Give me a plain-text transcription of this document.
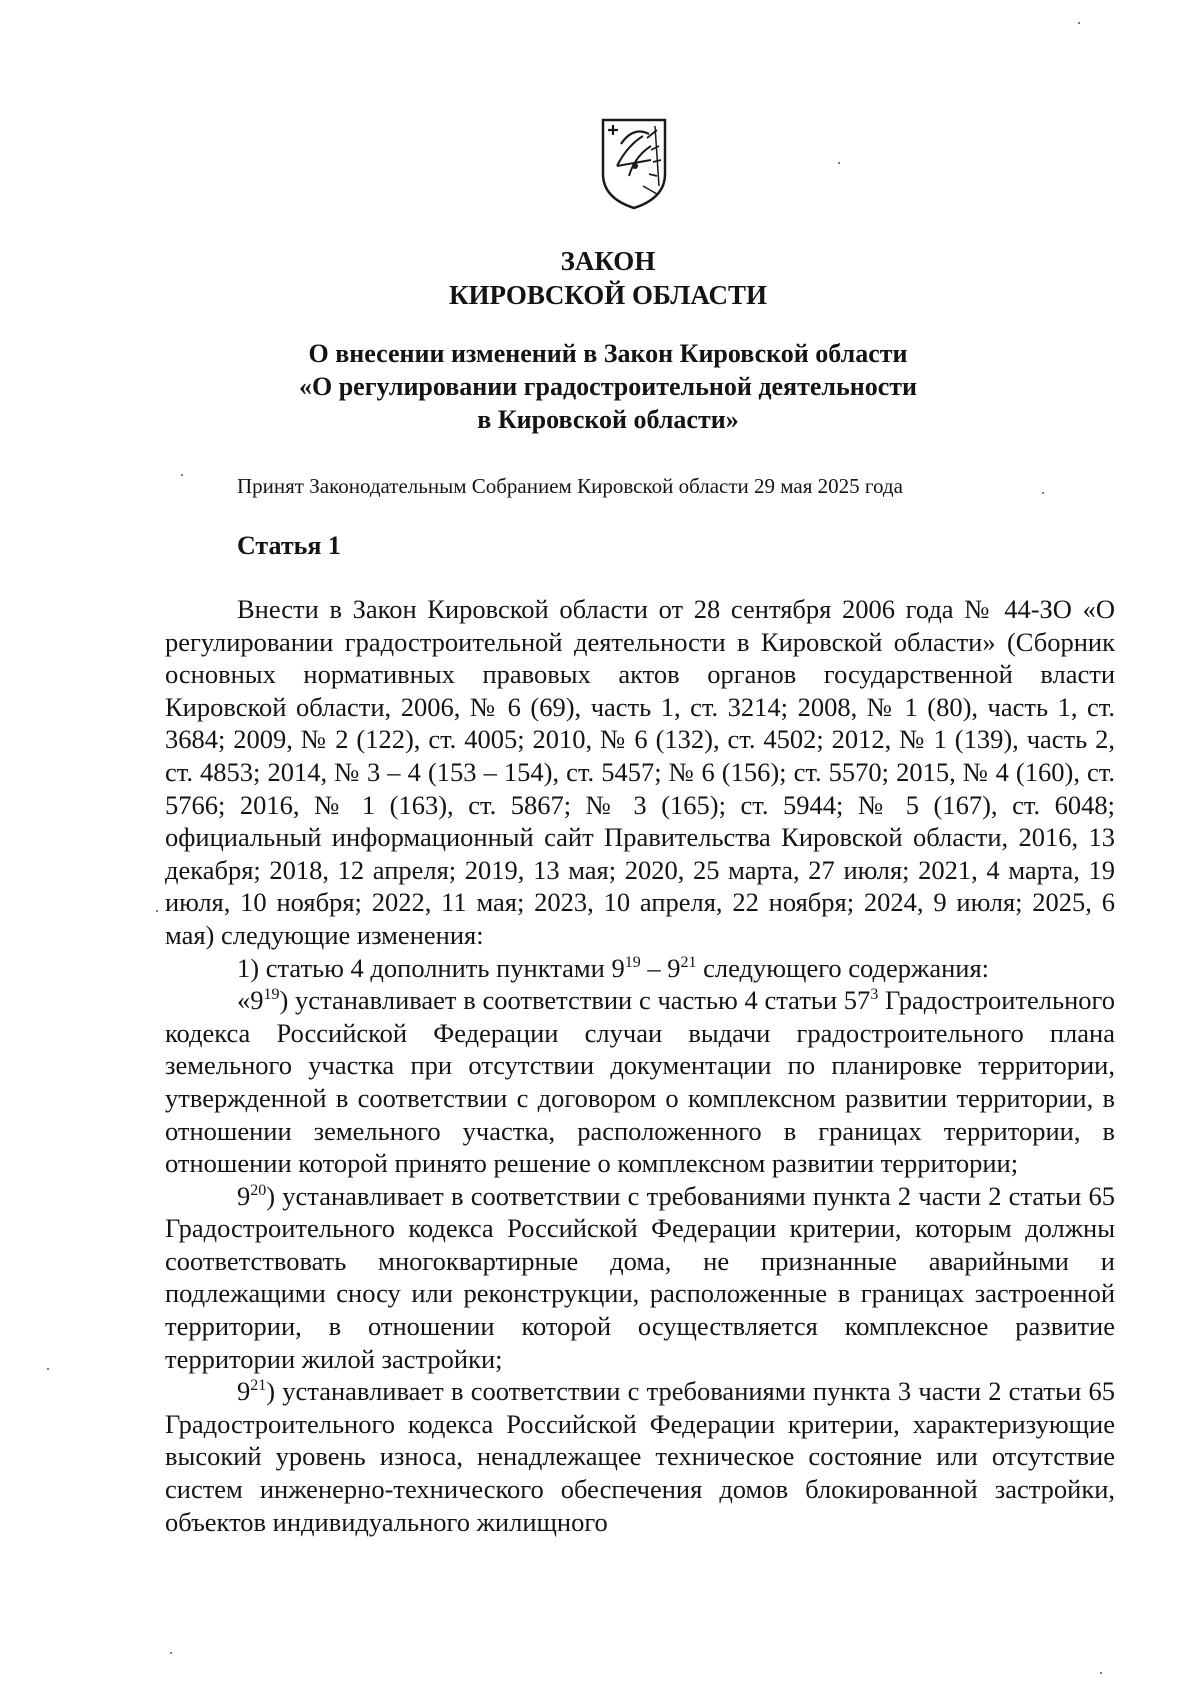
ЗАКОН
КИРОВСКОЙ ОБЛАСТИ
О внесении изменений в Закон Кировской области
«О регулировании градостроительной деятельности
в Кировской области»
Принят Законодательным Собранием Кировской области 29 мая 2025 года
Статья 1

Внести в Закон Кировской области от 28 сентября 2006 года № 44-ЗО «О регулировании градостроительной деятельности в Кировской области» (Сборник основных нормативных правовых актов органов государственной власти Кировской области, 2006, № 6 (69), часть 1, ст. 3214; 2008, № 1 (80), часть 1, ст. 3684; 2009, № 2 (122), ст. 4005; 2010, № 6 (132), ст. 4502; 2012, № 1 (139), часть 2, ст. 4853; 2014, № 3 – 4 (153 – 154), ст. 5457; № 6 (156); ст. 5570; 2015, № 4 (160), ст. 5766; 2016, № 1 (163), ст. 5867; № 3 (165); ст. 5944; № 5 (167), ст. 6048; официальный информационный сайт Правительства Кировской области, 2016, 13 декабря; 2018, 12 апреля; 2019, 13 мая; 2020, 25 марта, 27 июля; 2021, 4 марта, 19 июля, 10 ноября; 2022, 11 мая; 2023, 10 апреля, 22 ноября; 2024, 9 июля; 2025, 6 мая) следующие изменения:

1) статью 4 дополнить пунктами $9^{19} - 9^{21}$ следующего содержания:

«$9^{19}$) устанавливает в соответствии с частью 4 статьи $57^3$ Градостроительного кодекса Российской Федерации случаи выдачи градостроительного плана земельного участка при отсутствии документации по планировке территории, утвержденной в соответствии с договором о комплексном развитии территории, в отношении земельного участка, расположенного в границах территории, в отношении которой принято решение о комплексном развитии территории;

$9^{20}$) устанавливает в соответствии с требованиями пункта 2 части 2 статьи 65 Градостроительного кодекса Российской Федерации критерии, которым должны соответствовать многоквартирные дома, не признанные аварийными и подлежащими сносу или реконструкции, расположенные в границах застроенной территории, в отношении которой осуществляется комплексное развитие территории жилой застройки;

$9^{21}$) устанавливает в соответствии с требованиями пункта 3 части 2 статьи 65 Градостроительного кодекса Российской Федерации критерии, характеризующие высокий уровень износа, ненадлежащее техническое состояние или отсутствие систем инженерно-технического обеспечения домов блокированной застройки, объектов индивидуального жилищного
